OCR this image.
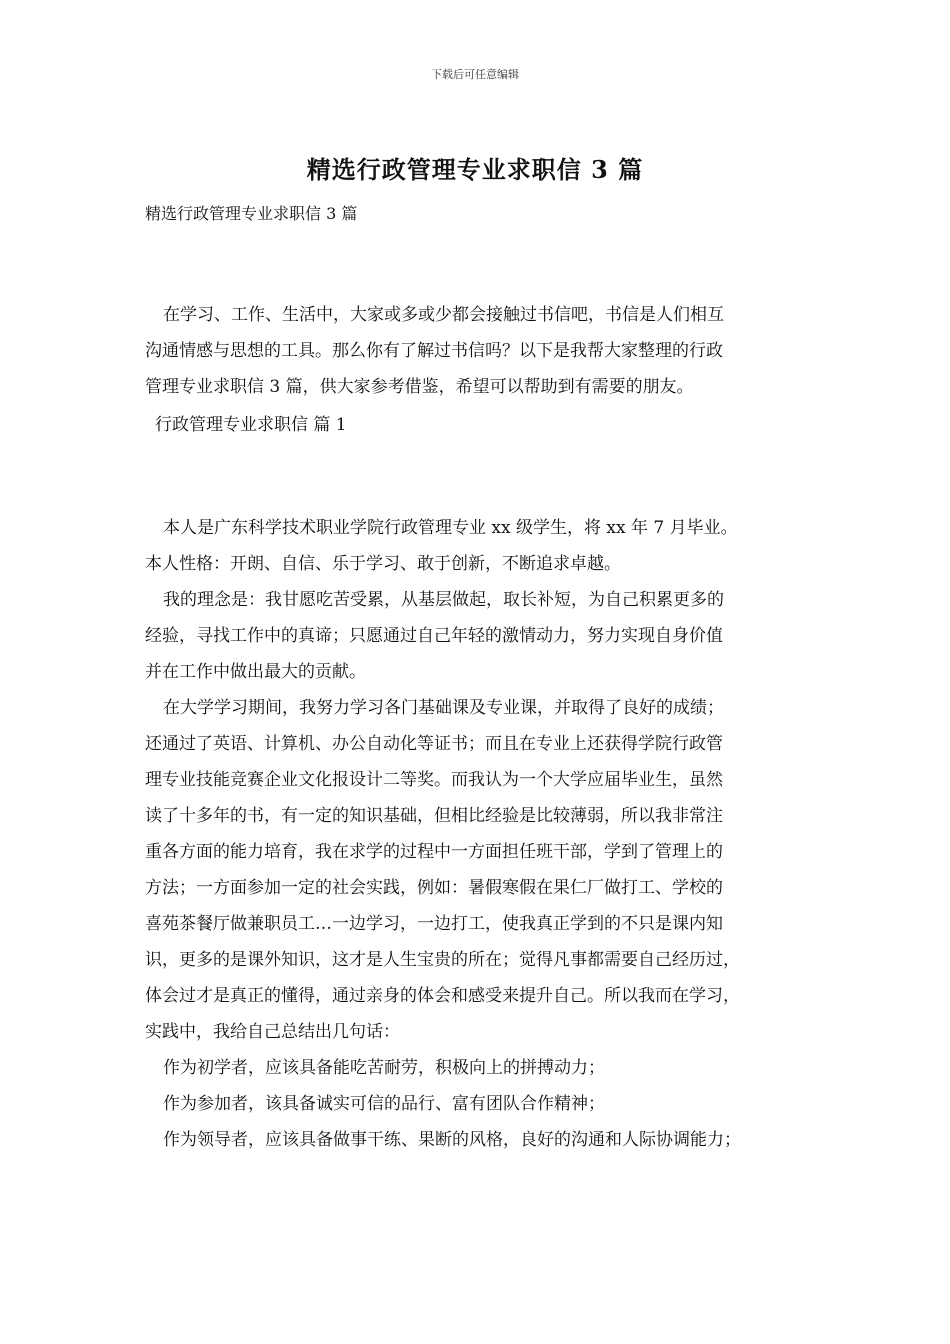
下载后可任意编辑
精选行政管理专业求职信 3 篇
精选行政管理专业求职信 3 篇

在学习、工作、生活中，大家或多或少都会接触过书信吧，书信是人们相互

沟通情感与思想的工具。那么你有了解过书信吗？以下是我帮大家整理的行政

管理专业求职信 3 篇，供大家参考借鉴，希望可以帮助到有需要的朋友。

行政管理专业求职信 篇 1

本人是广东科学技术职业学院行政管理专业 xx 级学生，将 xx 年 7 月毕业。

本人性格：开朗、自信、乐于学习、敢于创新，不断追求卓越。

我的理念是：我甘愿吃苦受累，从基层做起，取长补短，为自己积累更多的

经验，寻找工作中的真谛；只愿通过自己年轻的激情动力，努力实现自身价值

并在工作中做出最大的贡献。

在大学学习期间，我努力学习各门基础课及专业课，并取得了良好的成绩；

还通过了英语、计算机、办公自动化等证书；而且在专业上还获得学院行政管

理专业技能竞赛企业文化报设计二等奖。而我认为一个大学应届毕业生，虽然

读了十多年的书，有一定的知识基础，但相比经验是比较薄弱，所以我非常注

重各方面的能力培育，我在求学的过程中一方面担任班干部，学到了管理上的

方法；一方面参加一定的社会实践，例如：暑假寒假在果仁厂做打工、学校的

喜苑茶餐厅做兼职员工…一边学习，一边打工，使我真正学到的不只是课内知

识，更多的是课外知识，这才是人生宝贵的所在；觉得凡事都需要自己经历过，

体会过才是真正的懂得，通过亲身的体会和感受来提升自己。所以我而在学习，

实践中，我给自己总结出几句话：

作为初学者，应该具备能吃苦耐劳，积极向上的拼搏动力；

作为参加者，该具备诚实可信的品行、富有团队合作精神；

作为领导者，应该具备做事干练、果断的风格，良好的沟通和人际协调能力；
